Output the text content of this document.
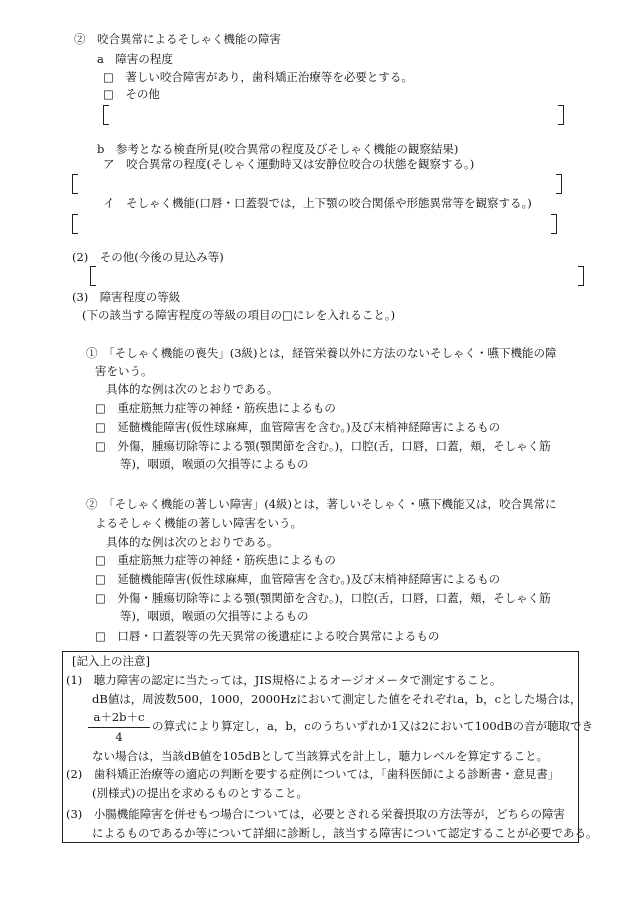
②　咬合異常によるそしゃく機能の障害
a　障害の程度
□　著しい咬合障害があり，歯科矯正治療等を必要とする。
□　その他
b　参考となる検査所見(咬合異常の程度及びそしゃく機能の観察結果)
ア　咬合異常の程度(そしゃく運動時又は安静位咬合の状態を観察する。)
イ　そしゃく機能(口唇・口蓋裂では，上下顎の咬合関係や形態異常等を観察する。)
(2)　その他(今後の見込み等)
(3)　障害程度の等級
(下の該当する障害程度の等級の項目の□にレを入れること。)
①　「そしゃく機能の喪失」(3級)とは，経管栄養以外に方法のないそしゃく・嚥下機能の障
害をいう。
具体的な例は次のとおりである。
□　重症筋無力症等の神経・筋疾患によるもの
□　延髄機能障害(仮性球麻痺，血管障害を含む。)及び末梢神経障害によるもの
□　外傷，腫瘍切除等による顎(顎関節を含む。)，口腔(舌，口唇，口蓋，頬，そしゃく筋
等)，咽頭，喉頭の欠損等によるもの
②　「そしゃく機能の著しい障害」(4級)とは，著しいそしゃく・嚥下機能又は，咬合異常に
よるそしゃく機能の著しい障害をいう。
具体的な例は次のとおりである。
□　重症筋無力症等の神経・筋疾患によるもの
□　延髄機能障害(仮性球麻痺，血管障害を含む。)及び末梢神経障害によるもの
□　外傷・腫瘍切除等による顎(顎関節を含む。)，口腔(舌，口唇，口蓋，頬，そしゃく筋
等)，咽頭，喉頭の欠損等によるもの
□　口唇・口蓋裂等の先天異常の後遺症による咬合異常によるもの
[記入上の注意]
(1)　聴力障害の認定に当たっては，JIS規格によるオージオメータで測定すること。
dB値は，周波数500，1000，2000Hzにおいて測定した値をそれぞれa，b，cとした場合は，
a＋2b＋c
4
の算式により算定し，a，b，cのうちいずれか1又は2において100dBの音が聴取でき
ない場合は，当該dB値を105dBとして当該算式を計上し，聴力レベルを算定すること。
(2)　歯科矯正治療等の適応の判断を要する症例については，「歯科医師による診断書・意見書」
(別様式)の提出を求めるものとすること。
(3)　小腸機能障害を併せもつ場合については，必要とされる栄養摂取の方法等が，どちらの障害
によるものであるか等について詳細に診断し，該当する障害について認定することが必要である。
